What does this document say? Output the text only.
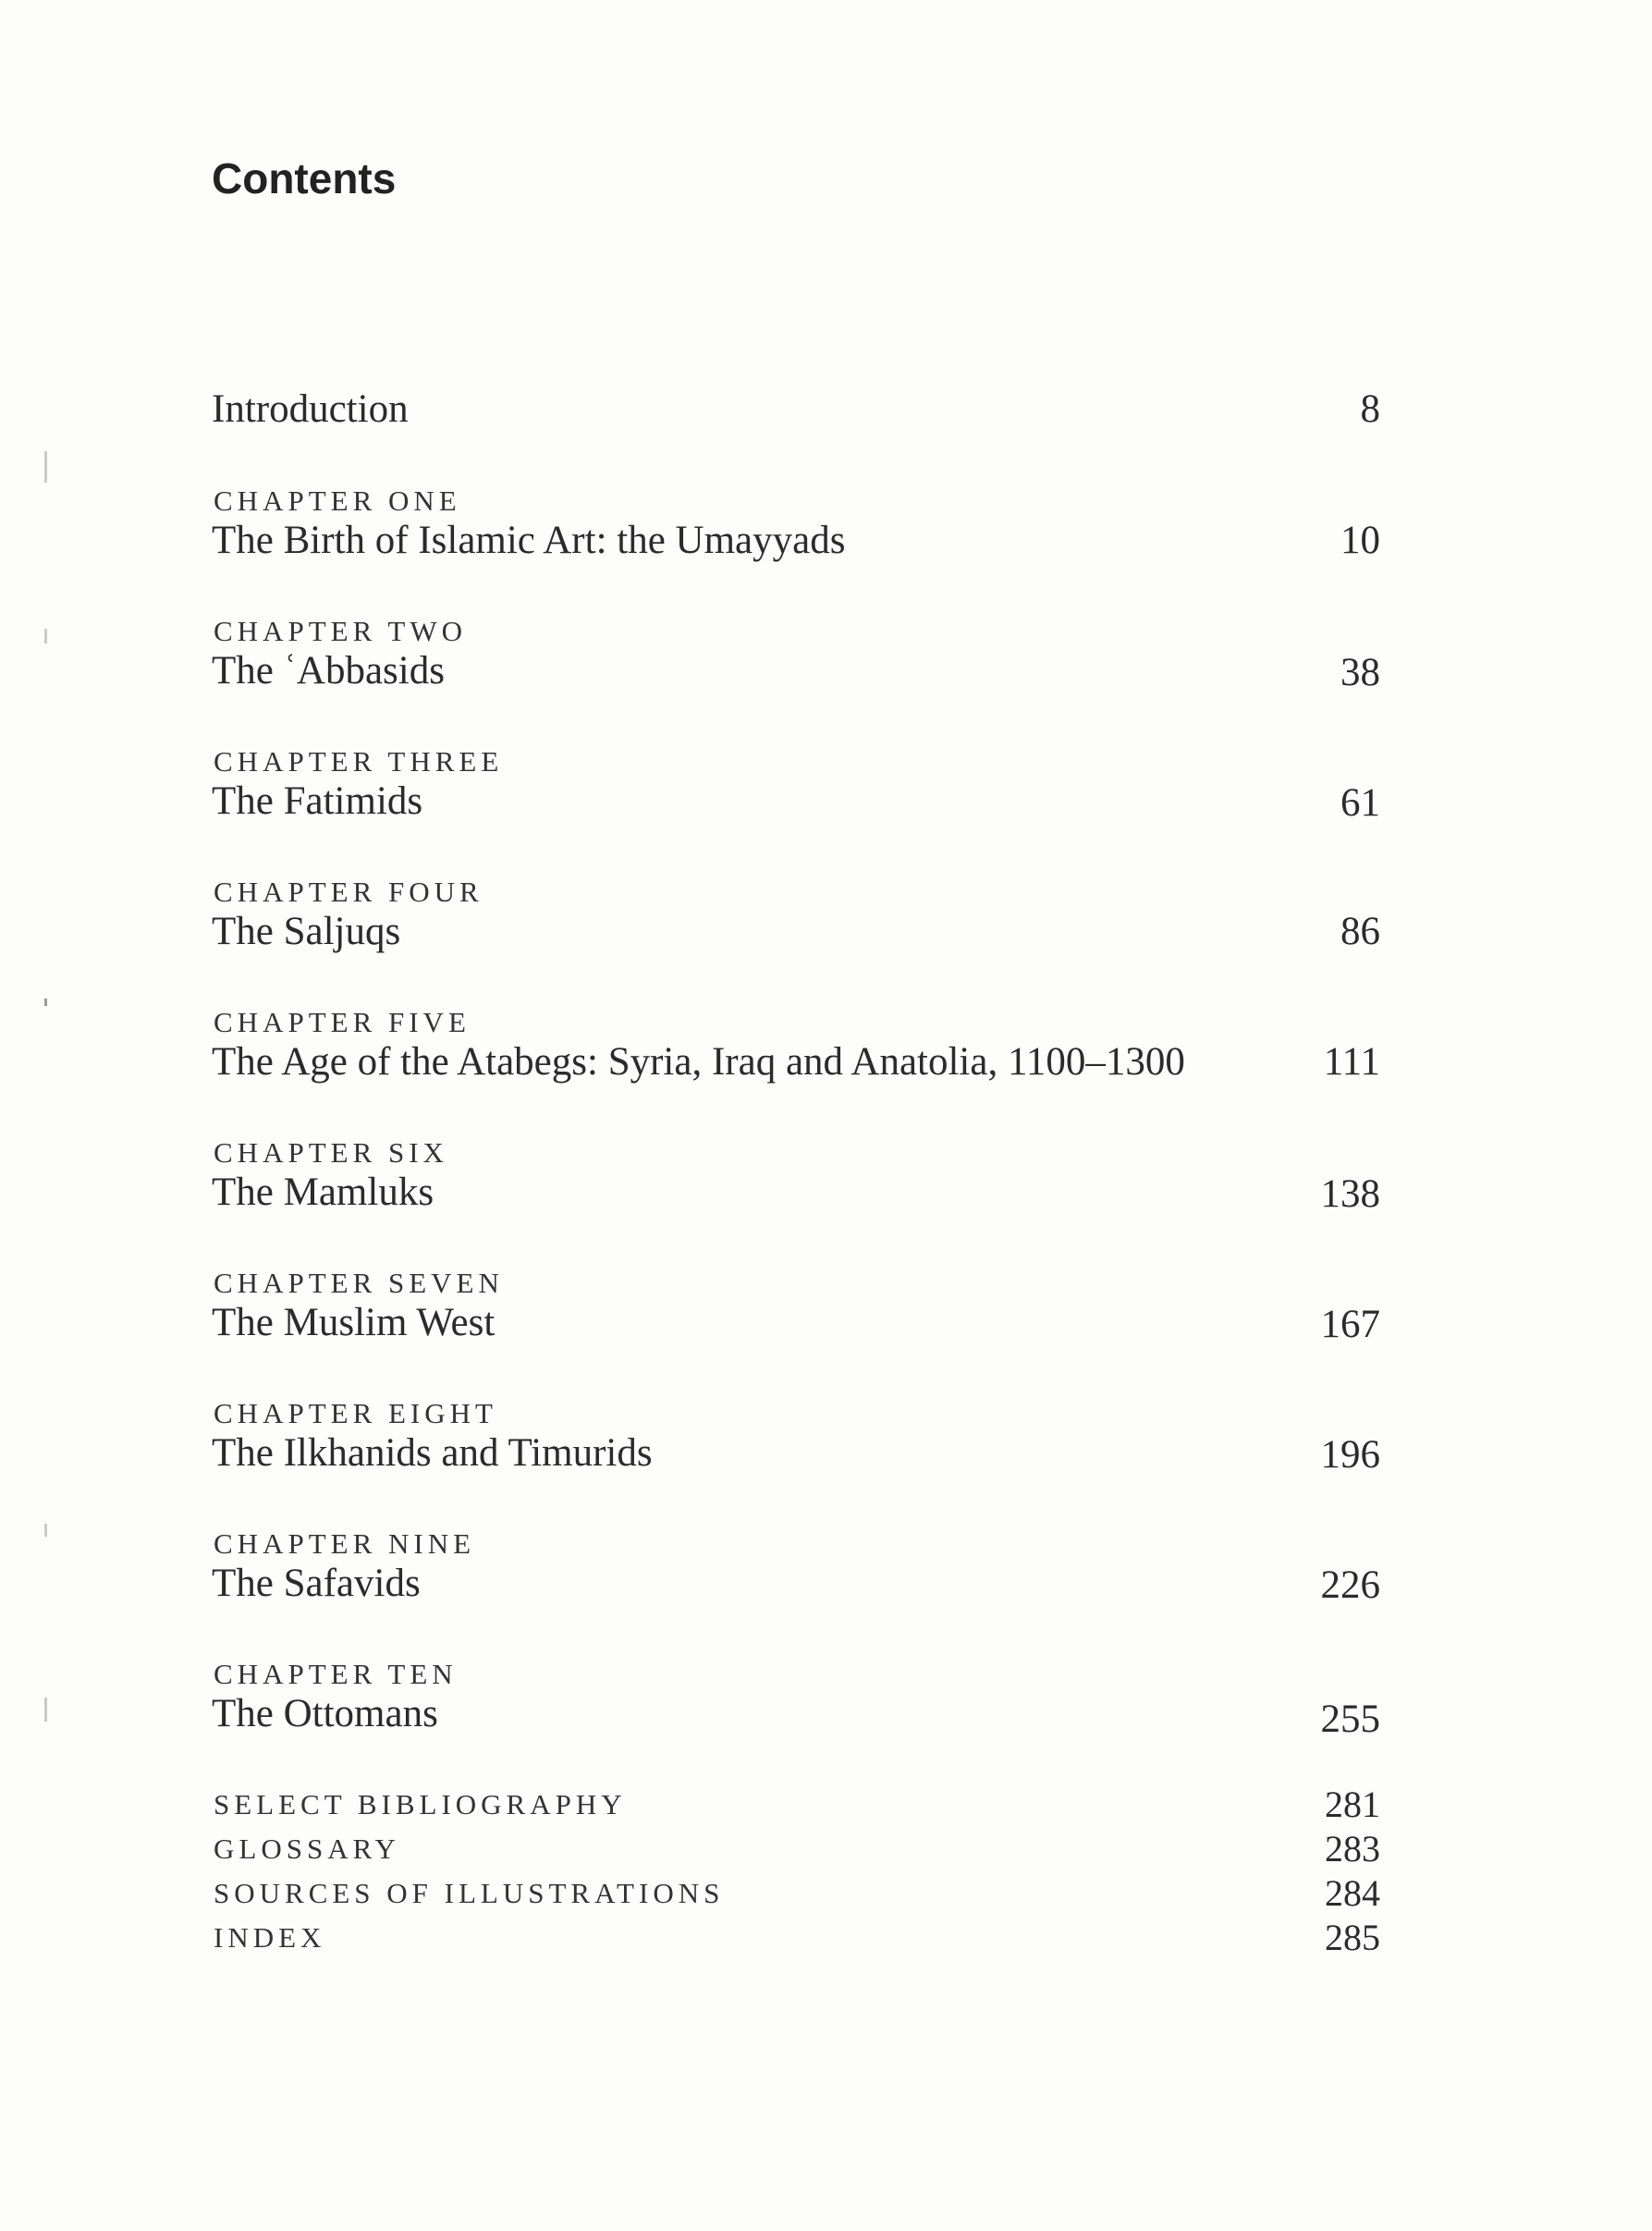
Contents
Introduction	8
CHAPTER ONE
The Birth of Islamic Art: the Umayyads	10
CHAPTER TWO
The ʿAbbasids	38
CHAPTER THREE
The Fatimids	61
CHAPTER FOUR
The Saljuqs	86
CHAPTER FIVE
The Age of the Atabegs: Syria, Iraq and Anatolia, 1100–1300	111
CHAPTER SIX
The Mamluks	138
CHAPTER SEVEN
The Muslim West	167
CHAPTER EIGHT
The Ilkhanids and Timurids	196
CHAPTER NINE
The Safavids	226
CHAPTER TEN
The Ottomans	255
SELECT BIBLIOGRAPHY	281
GLOSSARY	283
SOURCES OF ILLUSTRATIONS	284
INDEX	285
